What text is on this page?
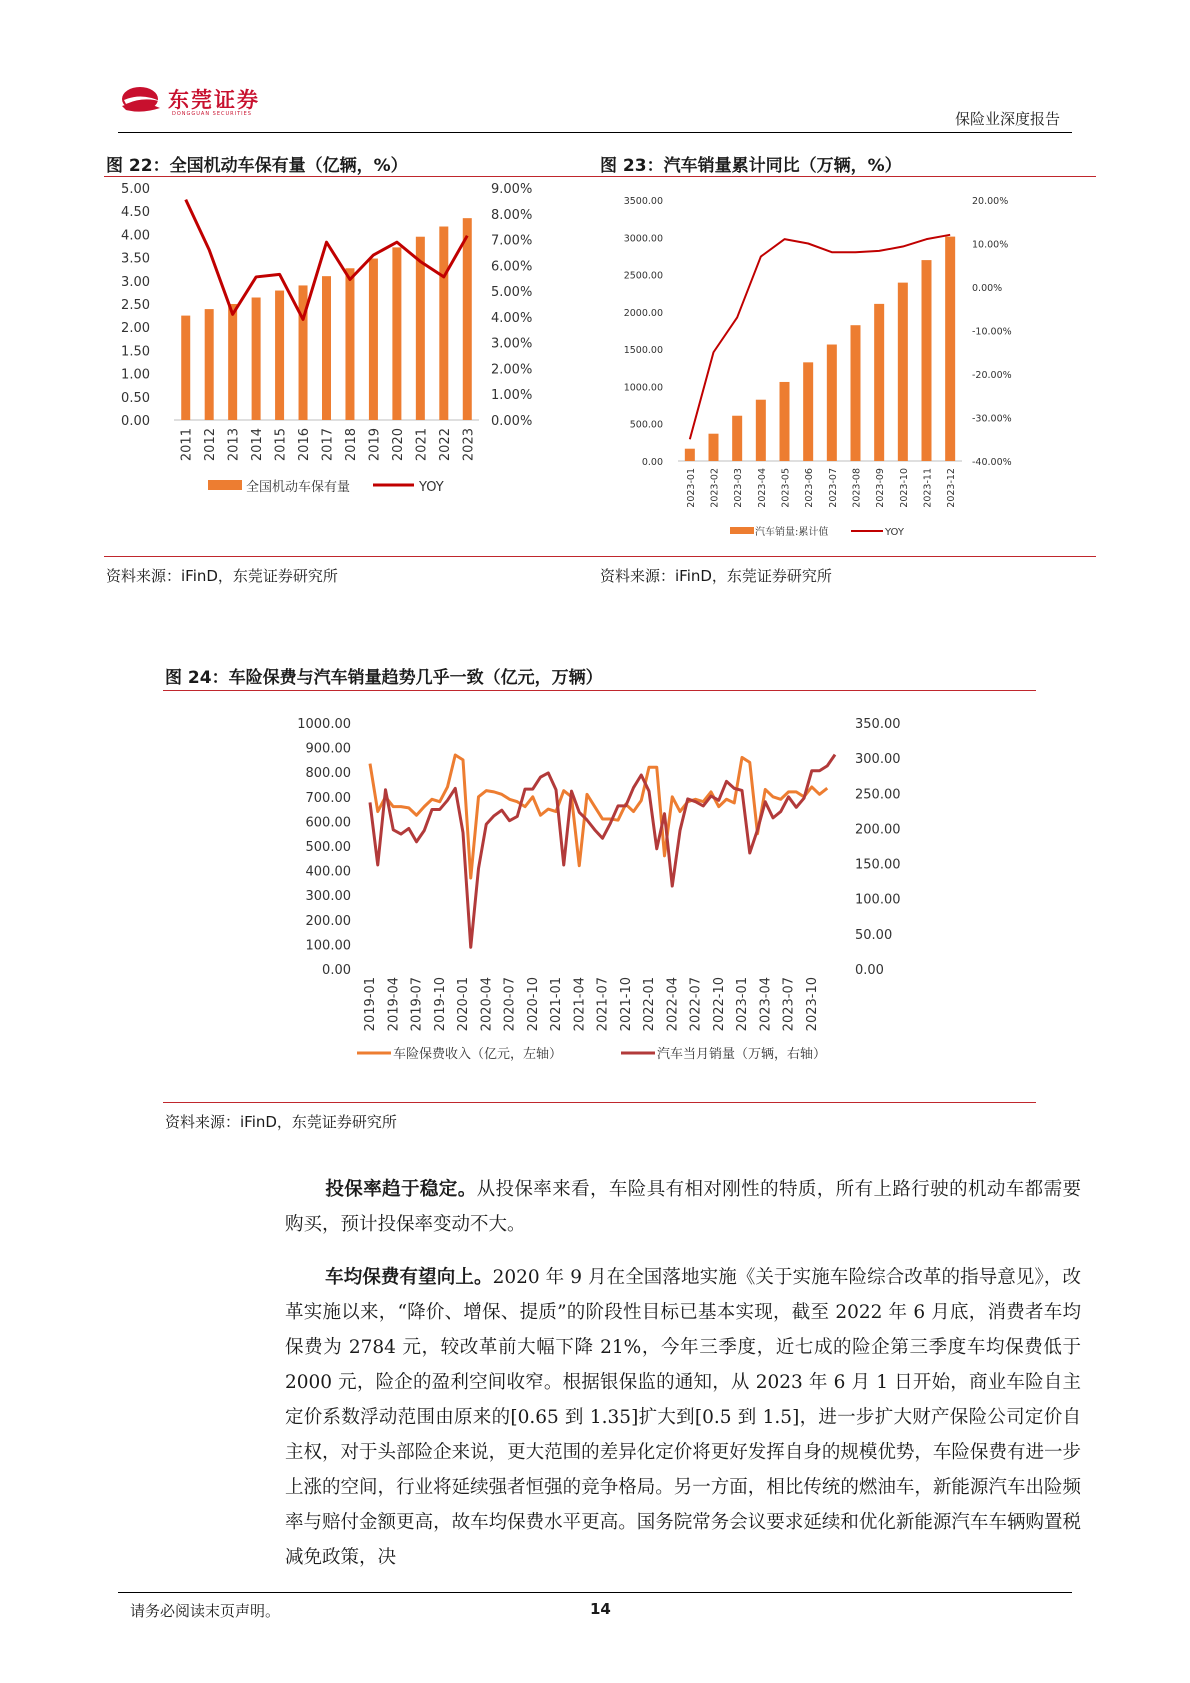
东莞证券
DONGGUAN SECURITIES	保险业深度报告
图 22：全国机动车保有量（亿辆，%）
0.00
0.50
1.00
1.50
2.00
2.50
3.00
3.50
4.00
4.50
5.00
0.00%
1.00%
2.00%
3.00%
4.00%
5.00%
6.00%
7.00%
8.00%
9.00%
2011 2012 2013 2014 2015 2016 2017 2018 2019 2020 2021 2022 2023
全国机动车保有量	YOY
资料来源：iFinD，东莞证券研究所
图 23：汽车销量累计同比（万辆，%）
0.00
500.00
1000.00
1500.00
2000.00
2500.00
3000.00
3500.00
-40.00%
-30.00%
-20.00%
-10.00%
0.00%
10.00%
20.00%
2023-01 2023-02 2023-03 2023-04 2023-05 2023-06 2023-07 2023-08 2023-09 2023-10 2023-11 2023-12
汽车销量:累计值	YOY
资料来源：iFinD，东莞证券研究所
图 24：车险保费与汽车销量趋势几乎一致（亿元，万辆）
0.00
100.00
200.00
300.00
400.00
500.00
600.00
700.00
800.00
900.00
1000.00
0.00
50.00
100.00
150.00
200.00
250.00
300.00
350.00
2019-01 2019-04 2019-07 2019-10 2020-01 2020-04 2020-07 2020-10 2021-01 2021-04 2021-07 2021-10 2022-01 2022-04 2022-07 2022-10 2023-01 2023-04 2023-07 2023-10
车险保费收入（亿元，左轴）	汽车当月销量（万辆，右轴）
资料来源：iFinD，东莞证券研究所
投保率趋于稳定。从投保率来看，车险具有相对刚性的特质，所有上路行驶的机动车都需要购买，预计投保率变动不大。
车均保费有望向上。2020 年 9 月在全国落地实施《关于实施车险综合改革的指导意见》，改革实施以来，“降价、增保、提质”的阶段性目标已基本实现，截至 2022 年 6 月底，消费者车均保费为 2784 元，较改革前大幅下降 21%，今年三季度，近七成的险企第三季度车均保费低于 2000 元，险企的盈利空间收窄。根据银保监的通知，从 2023 年 6 月 1 日开始，商业车险自主定价系数浮动范围由原来的[0.65 到 1.35]扩大到[0.5 到 1.5]，进一步扩大财产保险公司定价自主权，对于头部险企来说，更大范围的差异化定价将更好发挥自身的规模优势，车险保费有进一步上涨的空间，行业将延续强者恒强的竞争格局。另一方面，相比传统的燃油车，新能源汽车出险频率与赔付金额更高，故车均保费水平更高。国务院常务会议要求延续和优化新能源汽车车辆购置税减免政策，决
请务必阅读末页声明。	14
